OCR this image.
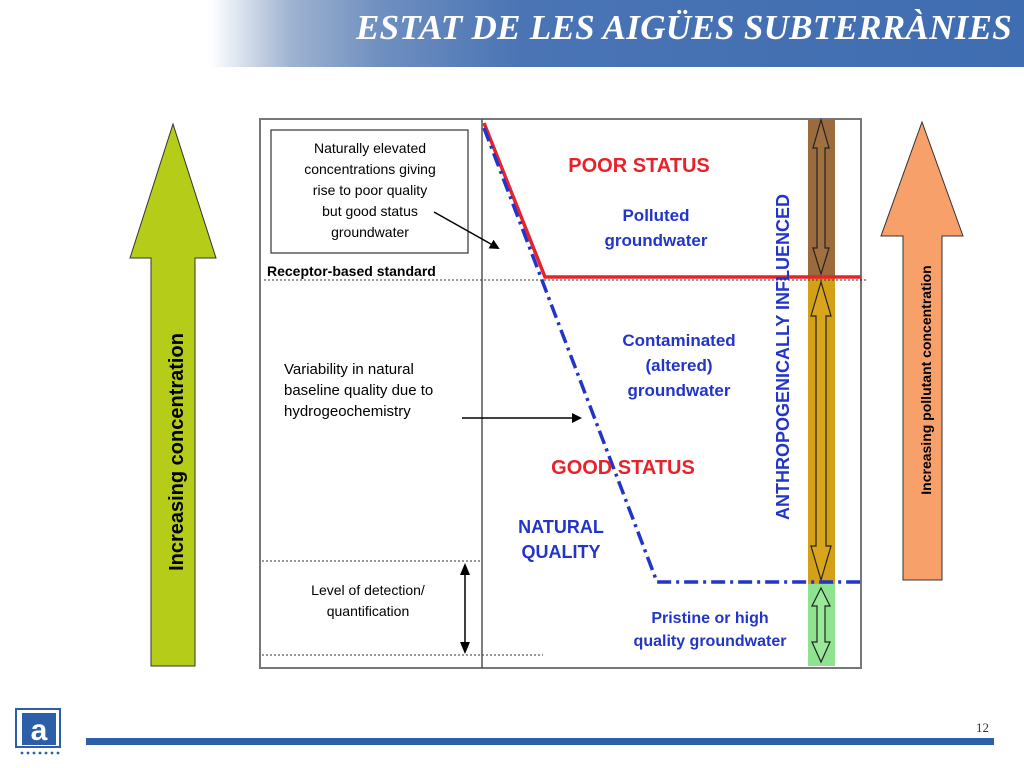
ESTAT DE LES AIGÜES SUBTERRÀNIES
Increasing concentration	Increasing pollutant concentration
Naturally elevated
concentrations giving
rise to poor quality
but good status
groundwater
Receptor-based standard
Variability in natural
baseline quality due to
hydrogeochemistry
Level of detection/
quantification
POOR STATUS
GOOD STATUS
Polluted
groundwater
Contaminated
(altered)
groundwater
NATURAL
QUALITY
Pristine or high
quality groundwater
ANTHROPOGENICALLY INFLUENCED
a	12
